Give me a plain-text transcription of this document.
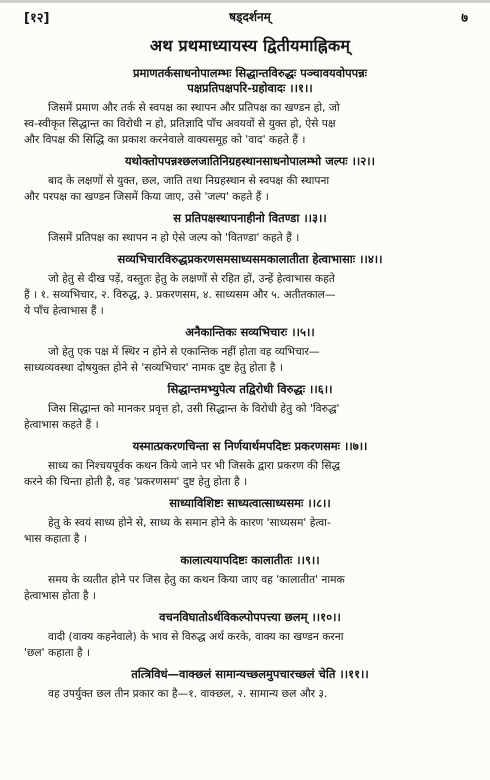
[१२]	षड्दर्शनम्	७
अथ प्रथमाध्यायस्य द्वितीयमाह्निकम्
प्रमाणतर्कसाधनोपालम्भः सिद्धान्तविरुद्धः पञ्चावयवोपपन्नः
पक्षप्रतिपक्षपरि-ग्रहोवादः ।।१।।
जिसमें प्रमाण और तर्क से स्वपक्ष का स्थापन और प्रतिपक्ष का खण्डन हो, जो
स्व-स्वीकृत सिद्धान्त का विरोधी न हो, प्रतिज्ञादि पाँच अवयवों से युक्त हो, ऐसे पक्ष
और विपक्ष की सिद्धि का प्रकाश करनेवाले वाक्यसमूह को 'वाद' कहते हैं ।
यथोक्तोपपन्नश्छलजातिनिग्रहस्थानसाधनोपालम्भो जल्पः ।।२।।
बाद के लक्षणों से युक्त, छल, जाति तथा निग्रहस्थान से स्वपक्ष की स्थापना
और परपक्ष का खण्डन जिसमें किया जाए, उसे 'जल्प' कहते हैं ।
स प्रतिपक्षस्थापनाहीनो वितण्डा ।।३।।
जिसमें प्रतिपक्ष का स्थापन न हो ऐसे जल्प को 'वितण्डा' कहते हैं ।
सव्यभिचारविरुद्धप्रकरणसमसाध्यसमकालातीता हेत्वाभासाः ।।४।।
जो हेतु से दीख पड़ें, वस्तुतः हेतु के लक्षणों से रहित हों, उन्हें हेत्वाभास कहते
हैं । १. सव्यभिचार, २. विरुद्ध, ३. प्रकरणसम, ४. साध्यसम और ५. अतीतकाल—
ये पाँच हेत्वाभास हैं ।
अनैकान्तिकः सव्यभिचारः ।।५।।
जो हेतु एक पक्ष में स्थिर न होने से एकान्तिक नहीं होता वह व्यभिचार—
साध्यव्यवस्था दोषयुक्त होने से 'सव्यभिचार' नामक दुष्ट हेतु होता है ।
सिद्धान्तमभ्युपेत्य तद्विरोधी विरुद्धः ।।६।।
जिस सिद्धान्त को मानकर प्रवृत्त हो, उसी सिद्धान्त के विरोधी हेतु को 'विरुद्ध'
हेत्वाभास कहते हैं ।
यस्मात्प्रकरणचिन्ता स निर्णयार्थमपदिष्टः प्रकरणसमः ।।७।।
साध्य का निश्चयपूर्वक कथन किये जाने पर भी जिसके द्वारा प्रकरण की सिद्ध
करने की चिन्ता होती है, वह 'प्रकरणसम' दुष्ट हेतु होता है ।
साध्याविशिष्टः साध्यत्वात्साध्यसमः ।।८।।
हेतु के स्वयं साध्य होने से, साध्य के समान होने के कारण 'साध्यसम' हेत्वा-
भास कहाता है ।
कालात्ययापदिष्टः कालातीतः ।।९।।
समय के व्यतीत होने पर जिस हेतु का कथन किया जाए वह 'कालातीत' नामक
हेत्वाभास होता है ।
वचनविघातोऽर्थविकल्पोपपत्त्या छलम् ।।१०।।
वादी (वाक्य कहनेवाले) के भाव से विरुद्ध अर्थ करके, वाक्य का खण्डन करना
'छल' कहाता है ।
तत्त्रिविधं—वाक्छलं सामान्यच्छलमुपचारच्छलं चेति ।।११।।
वह उपर्युक्त छल तीन प्रकार का है—१. वाक्छल, २. सामान्य छल और ३.
